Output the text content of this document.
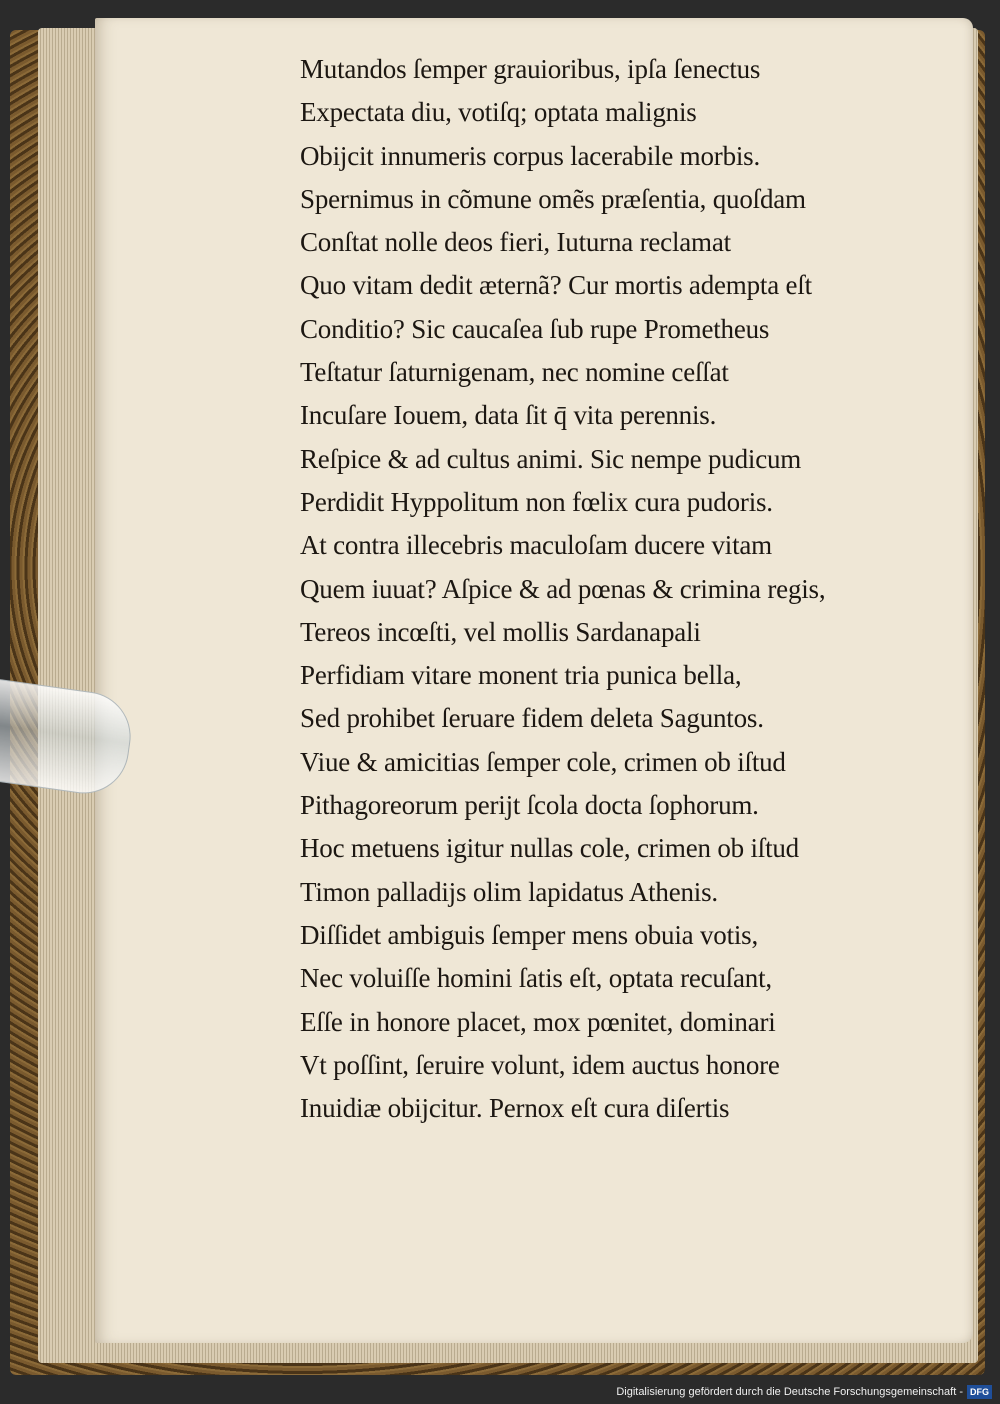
Mutandos ſemper grauioribus, ipſa ſenectus
Expectata diu, votiſq; optata malignis
Obijcit innumeris corpus lacerabile morbis.
Spernimus in cõmune omẽs præſentia, quoſdam
Conſtat nolle deos fieri, Iuturna reclamat
Quo vitam dedit æternã? Cur mortis adempta eſt
Conditio? Sic caucaſea ſub rupe Prometheus
Teſtatur ſaturnigenam, nec nomine ceſſat
Incuſare Iouem, data ſit q̄ vita perennis.
Reſpice & ad cultus animi. Sic nempe pudicum
Perdidit Hyppolitum non fœlix cura pudoris.
At contra illecebris maculoſam ducere vitam
Quem iuuat? Aſpice & ad pœnas & crimina regis,
Tereos incœſti, vel mollis Sardanapali
Perfidiam vitare monent tria punica bella,
Sed prohibet ſeruare fidem deleta Saguntos.
Viue & amicitias ſemper cole, crimen ob iſtud
Pithagoreorum perijt ſcola docta ſophorum.
Hoc metuens igitur nullas cole, crimen ob iſtud
Timon palladijs olim lapidatus Athenis.
Diſſidet ambiguis ſemper mens obuia votis,
Nec voluiſſe homini ſatis eſt, optata recuſant,
Eſſe in honore placet, mox pœnitet, dominari
Vt poſſint, ſeruire volunt, idem auctus honore
Inuidiæ obijcitur. Pernox eſt cura diſertis
Digitalisierung gefördert durch die Deutsche Forschungsgemeinschaft - DFG
